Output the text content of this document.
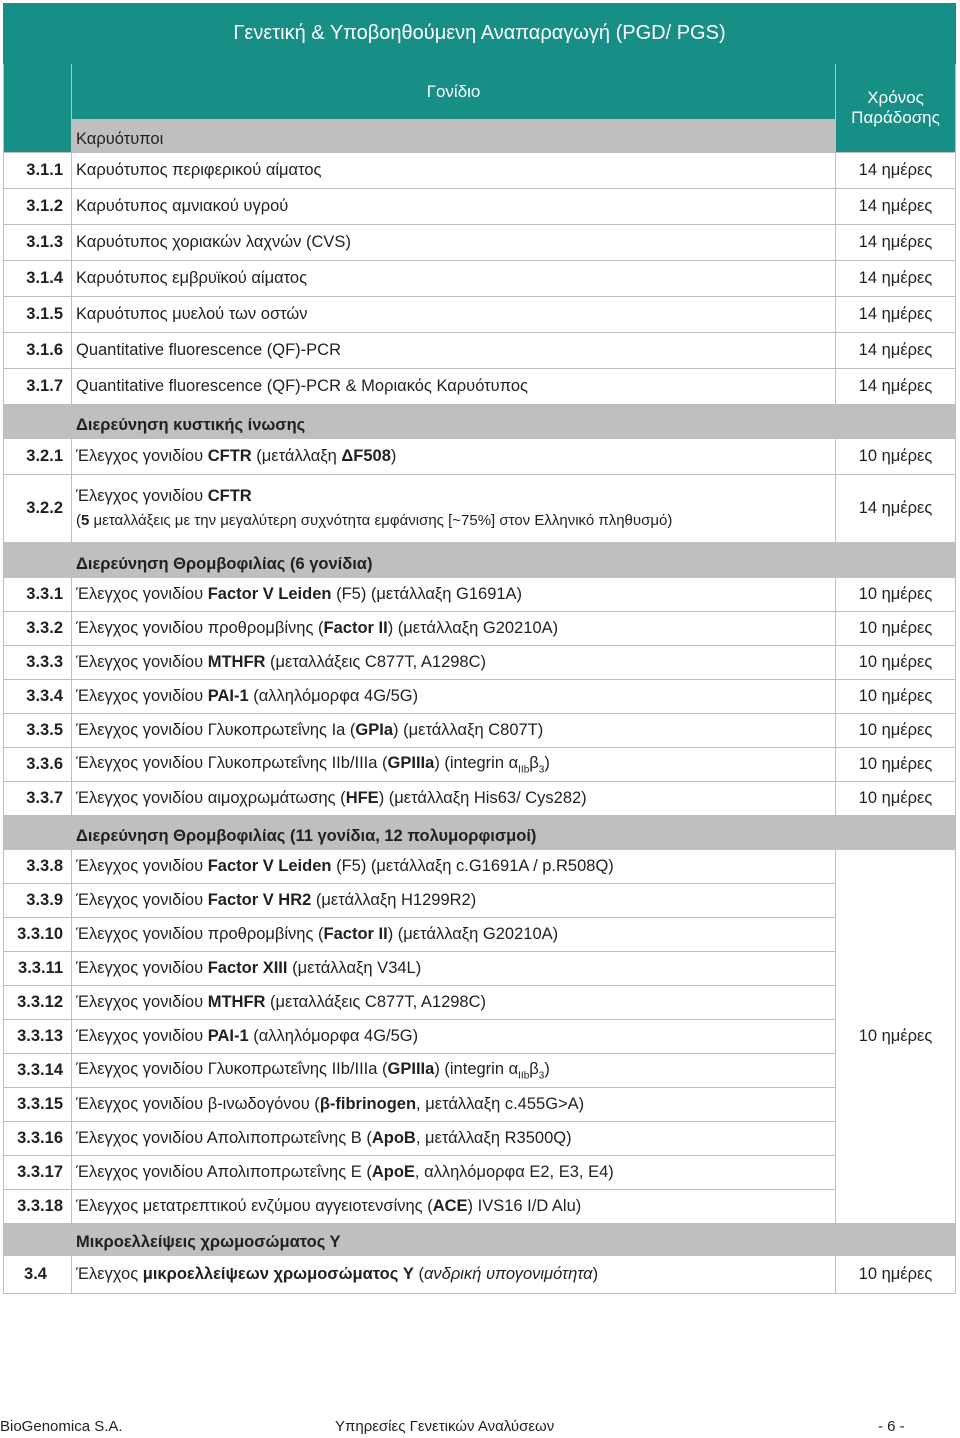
Γενετική & Υποβοηθούμενη Αναπαραγωγή (PGD/ PGS)		
	Γονίδιο	Χρόνος
Παράδοσης
	Καρυότυποι	
3.1.1	Καρυότυπος περιφερικού αίματος	14 ημέρες
3.1.2	Καρυότυπος αμνιακού υγρού	14 ημέρες
3.1.3	Καρυότυπος χοριακών λαχνών (CVS)	14 ημέρες
3.1.4	Καρυότυπος εμβρυϊκού αίματος	14 ημέρες
3.1.5	Καρυότυπος μυελού των οστών	14 ημέρες
3.1.6	Quantitative fluorescence (QF)-PCR	14 ημέρες
3.1.7	Quantitative fluorescence (QF)-PCR & Μοριακός Καρυότυπος	14 ημέρες
	Διερεύνηση κυστικής ίνωσης	
3.2.1	Έλεγχος γονιδίου CFTR (μετάλλαξη ΔF508)	10 ημέρες
3.2.2	Έλεγχος γονιδίου CFTR
(5 μεταλλάξεις με την μεγαλύτερη συχνότητα εμφάνισης [~75%] στον Ελληνικό πληθυσμό)	14 ημέρες
	Διερεύνηση Θρομβοφιλίας (6 γονίδια)	
3.3.1	Έλεγχος γονιδίου Factor V Leiden (F5) (μετάλλαξη G1691A)	10 ημέρες
3.3.2	Έλεγχος γονιδίου προθρομβίνης (Factor II) (μετάλλαξη G20210A)	10 ημέρες
3.3.3	Έλεγχος γονιδίου MTHFR (μεταλλάξεις C877T, A1298C)	10 ημέρες
3.3.4	Έλεγχος γονιδίου PAI-1 (αλληλόμορφα 4G/5G)	10 ημέρες
3.3.5	Έλεγχος γονιδίου Γλυκοπρωτεΐνης Ia (GPIa) (μετάλλαξη C807T)	10 ημέρες
3.3.6	Έλεγχος γονιδίου Γλυκοπρωτεΐνης IIb/IIIa (GPIIIa) (integrin $\alpha_{IIb}\beta_3$)	10 ημέρες
3.3.7	Έλεγχος γονιδίου αιμοχρωμάτωσης (HFE) (μετάλλαξη His63/ Cys282)	10 ημέρες
	Διερεύνηση Θρομβοφιλίας (11 γονίδια, 12 πολυμορφισμοί)	
3.3.8	Έλεγχος γονιδίου Factor V Leiden (F5) (μετάλλαξη c.G1691A / p.R508Q)	10 ημέρες
3.3.9	Έλεγχος γονιδίου Factor V HR2 (μετάλλαξη H1299R2)	
3.3.10	Έλεγχος γονιδίου προθρομβίνης (Factor II) (μετάλλαξη G20210A)	
3.3.11	Έλεγχος γονιδίου Factor XIII (μετάλλαξη V34L)	
3.3.12	Έλεγχος γονιδίου MTHFR (μεταλλάξεις C877T, A1298C)	
3.3.13	Έλεγχος γονιδίου PAI-1 (αλληλόμορφα 4G/5G)	
3.3.14	Έλεγχος γονιδίου Γλυκοπρωτεΐνης IIb/IIIa (GPIIIa) (integrin $\alpha_{IIb}\beta_3$)	
3.3.15	Έλεγχος γονιδίου β-ινωδογόνου (β-fibrinogen, μετάλλαξη c.455G>A)	
3.3.16	Έλεγχος γονιδίου Απολιποπρωτεΐνης Β (ApoB, μετάλλαξη R3500Q)	
3.3.17	Έλεγχος γονιδίου Απολιποπρωτεΐνης Ε (ApoE, αλληλόμορφα E2, E3, E4)	
3.3.18	Έλεγχος μετατρεπτικού ενζύμου αγγειοτενσίνης (ACE) IVS16 I/D Alu)	
	Μικροελλείψεις χρωμοσώματος Υ	
3.4	Έλεγχος μικροελλείψεων χρωμοσώματος Y (ανδρική υπογονιμότητα)	10 ημέρες
BioGenomica S.A.	Υπηρεσίες Γενετικών Αναλύσεων	- 6 -
